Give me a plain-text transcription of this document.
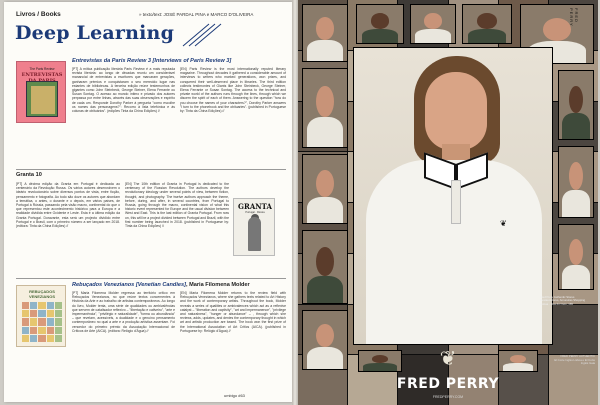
Livros / Books	» texto/text: JOSÉ PARDAL PINA e MARCO D'OLIVEIRA
Deep Learning
The Paris Review
ENTREVISTAS
Entrevistas da Paris Review 3 [Interviews of Paris Review 3]
[PT] A mítica publicação literária Paris Review é a mais reputada revista literária: ao longo de décadas reuniu um considerável manancial de entrevistas a escritores que marcaram gerações, ganharam prémios e conquistaram o seu merecido lugar nas estantes de bibliotecas. A terceira edição reúne testemunhos de gigantes como John Steinbeck, George Steiner, Elena Ferrante ou Susan Sontag. O acesso ao mundo íntimo e privado dos autores perpassa por entre linhas, através das suas observações e espírito de cada um. Responde Dorothy Parker à pergunta "como escolhe os nomes das personagens?": Recorro à lista telefónica e às colunas de obituários". (edições Tinta da China Edições) //
[EN] Paris Review is the most internationally reputed literary magazine. Throughout decades it gathered a considerable amount of interviews to writers who marked generations, won prizes, and conquered their well-deserved place in libraries. The third edition collects testimonies of Giants like John Steinbeck, George Steiner, Elena Ferrante or Susan Sontag. The access to the technical and private world of the authors runs through the lines, through which we discern the spirit of each of them. Answering to the question "how do you choose the names of your characters?", Dorothy Parker answers "I turn to the phonebook and the obituaries". (published in Portuguese by: Tinta da China Edições) //
Granta 10
[PT] A décima edição da Granta em Portugal é dedicada ao centenário da Revolução Russa. Os vários autores desenvolvem o ideário revolucionário sobre diversos pontos de vista, entre ficção, pensamento e fotografia. Ao todo são doze os autores que abordam a temática, o antes, o durante e o depois, em vários países, de Portugal à Rússia, passando pela visão macro, continental do que o que representou este acontecimento histórico para a Europa e a realidade dividida entre Ocidente e Leste. Esta é a última edição da Granta Portugal. Doravante, esta será um projecto dividido entre Portugal e o Brasil, com o primeiro número a ser lançado em 2018. (editora: Tinta da China Edições) //
[EN] The 10th edition of Granta in Portugal is dedicated to the centenary of the Russian Revolution. The authors develop the revolutionary ideology under several points of view, between fiction, thought, and photography. The twelve authors approach the theme, before, during, and after, in several countries, from Portugal to Russia, going through the macro, continental vision of what this historic event represented for Europe and the usual division between West and East. This is the last edition of Granta Portugal. From now on, this will be a project divided between Portugal and Brazil, with the first number being launched in 2018. (published in Portuguese by: Tinta da China Edições) //
GRANTA
Portugal · Rússia
REBUÇADOS VENEZIANOS
Rebuçados Venezianos [Venetian Candies], Maria Filomena Molder
[PT] Maria Filomena Molder regressa ao território crítico em Rebuçados Venezianos, no que reúne textos concernentes à História da Arte e ao trabalho de artistas contemporâneos. Ao longo do livro, Molder tenta, uma série de qualidades ou ambivalências que servem de catalisador reflexivo – "libertação e cativeiro", "arte e impermanência", "privilégio e naturalidade", "forma ou abundância" – que revelam, acessíveis, a dualidade e o genuíno pensamento contemporâneo no qual a arte e a produção artística assentam. Foi vencedor do primeiro prémio da Associação Internacional de Críticos de Arte (AICA). (editora: Relógio d'Água) //
[EN] Maria Filomena Molder returns to the review field with Rebuçados Venezianos, where she gathers texts related to Art History and the work of contemporary artists. Throughout the book, Molder reveals a series of qualities or ambivalences which act as a reflexive catalyst – "liberation and captivity", "art and impermanence", "privilege and naturalness", "hunger or abundance" – , through which she reviews, adds, updates, and denies the contemporary thought in which art and artistic production are based. The book won the first prize of the International Association of Art Critics (AICA). (published in Portuguese by: Relógio d'Água) //
umbigo #63
❦
FRED PERRY
Fred Perry Authentic Stores
Restauradores, Amoreiras Shopping
Lisboa · Rua do Ouro, 165
FRED PERRY AUTHENTIC
El Corte Inglés Lisboa e El Corte Inglés Gaia
❦
FRED PERRY
FREDPERRY.COM
